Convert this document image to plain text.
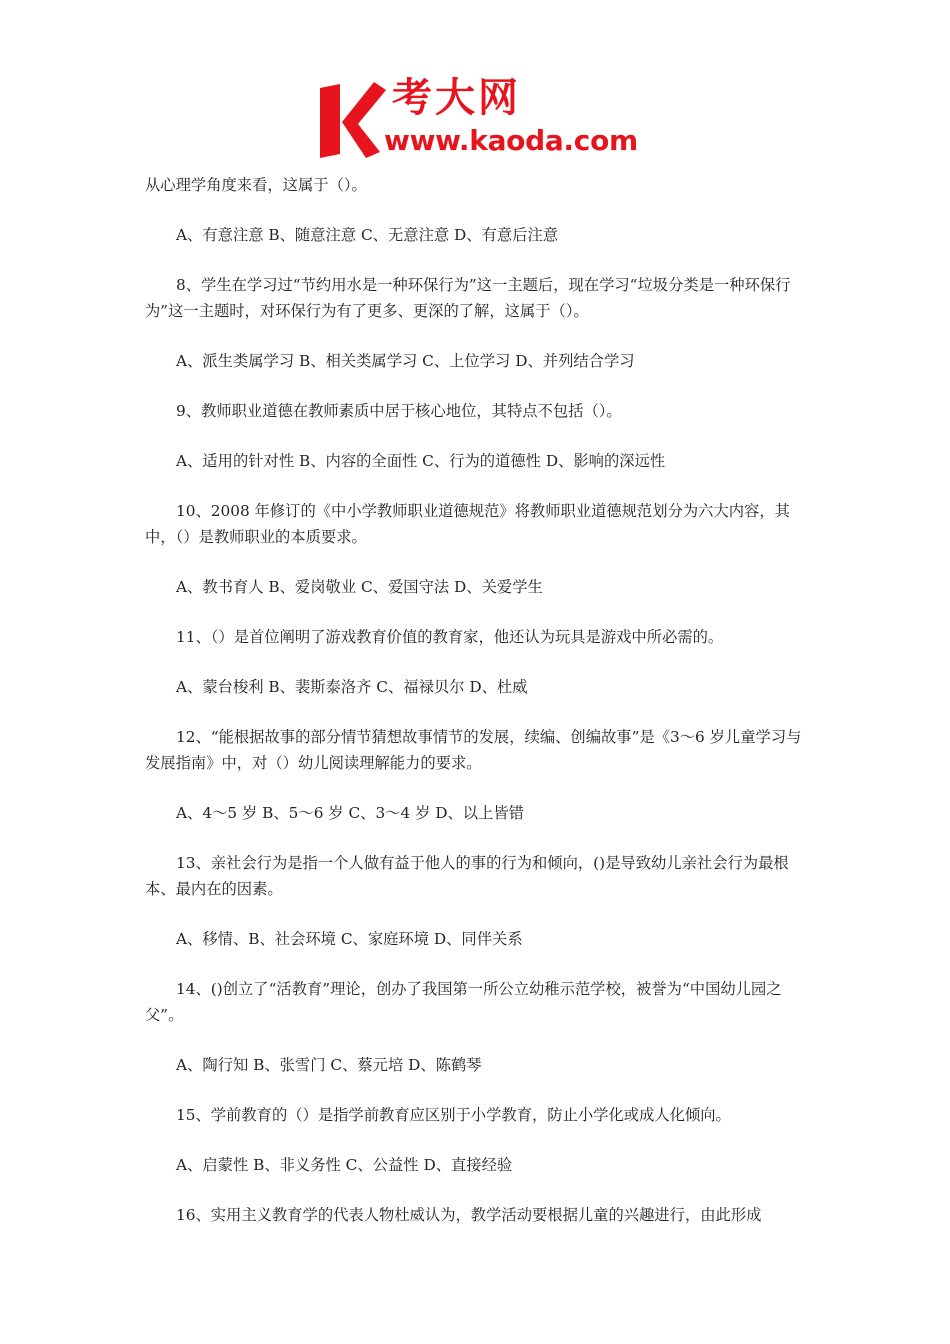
考大网
www.kaoda.com

从心理学角度来看，这属于（）。

A、有意注意 B、随意注意 C、无意注意 D、有意后注意

8、学生在学习过“节约用水是一种环保行为”这一主题后，现在学习“垃圾分类是一种环保行为”这一主题时，对环保行为有了更多、更深的了解，这属于（）。

A、派生类属学习 B、相关类属学习 C、上位学习 D、并列结合学习

9、教师职业道德在教师素质中居于核心地位，其特点不包括（）。

A、适用的针对性 B、内容的全面性 C、行为的道德性 D、影响的深远性

10、2008 年修订的《中小学教师职业道德规范》将教师职业道德规范划分为六大内容，其中，（）是教师职业的本质要求。

A、教书育人 B、爱岗敬业 C、爱国守法 D、关爱学生

11、（）是首位阐明了游戏教育价值的教育家，他还认为玩具是游戏中所必需的。

A、蒙台梭利 B、裴斯泰洛齐 C、福禄贝尔 D、杜威

12、“能根据故事的部分情节猜想故事情节的发展，续编、创编故事”是《3～6 岁儿童学习与发展指南》中，对（）幼儿阅读理解能力的要求。

A、4～5 岁 B、5～6 岁 C、3～4 岁 D、以上皆错

13、亲社会行为是指一个人做有益于他人的事的行为和倾向，()是导致幼儿亲社会行为最根本、最内在的因素。

A、移情、B、社会环境 C、家庭环境 D、同伴关系

14、()创立了“活教育”理论，创办了我国第一所公立幼稚示范学校，被誉为“中国幼儿园之父”。

A、陶行知 B、张雪门 C、蔡元培 D、陈鹤琴

15、学前教育的（）是指学前教育应区别于小学教育，防止小学化或成人化倾向。

A、启蒙性 B、非义务性 C、公益性 D、直接经验

16、实用主义教育学的代表人物杜威认为，教学活动要根据儿童的兴趣进行，由此形成
